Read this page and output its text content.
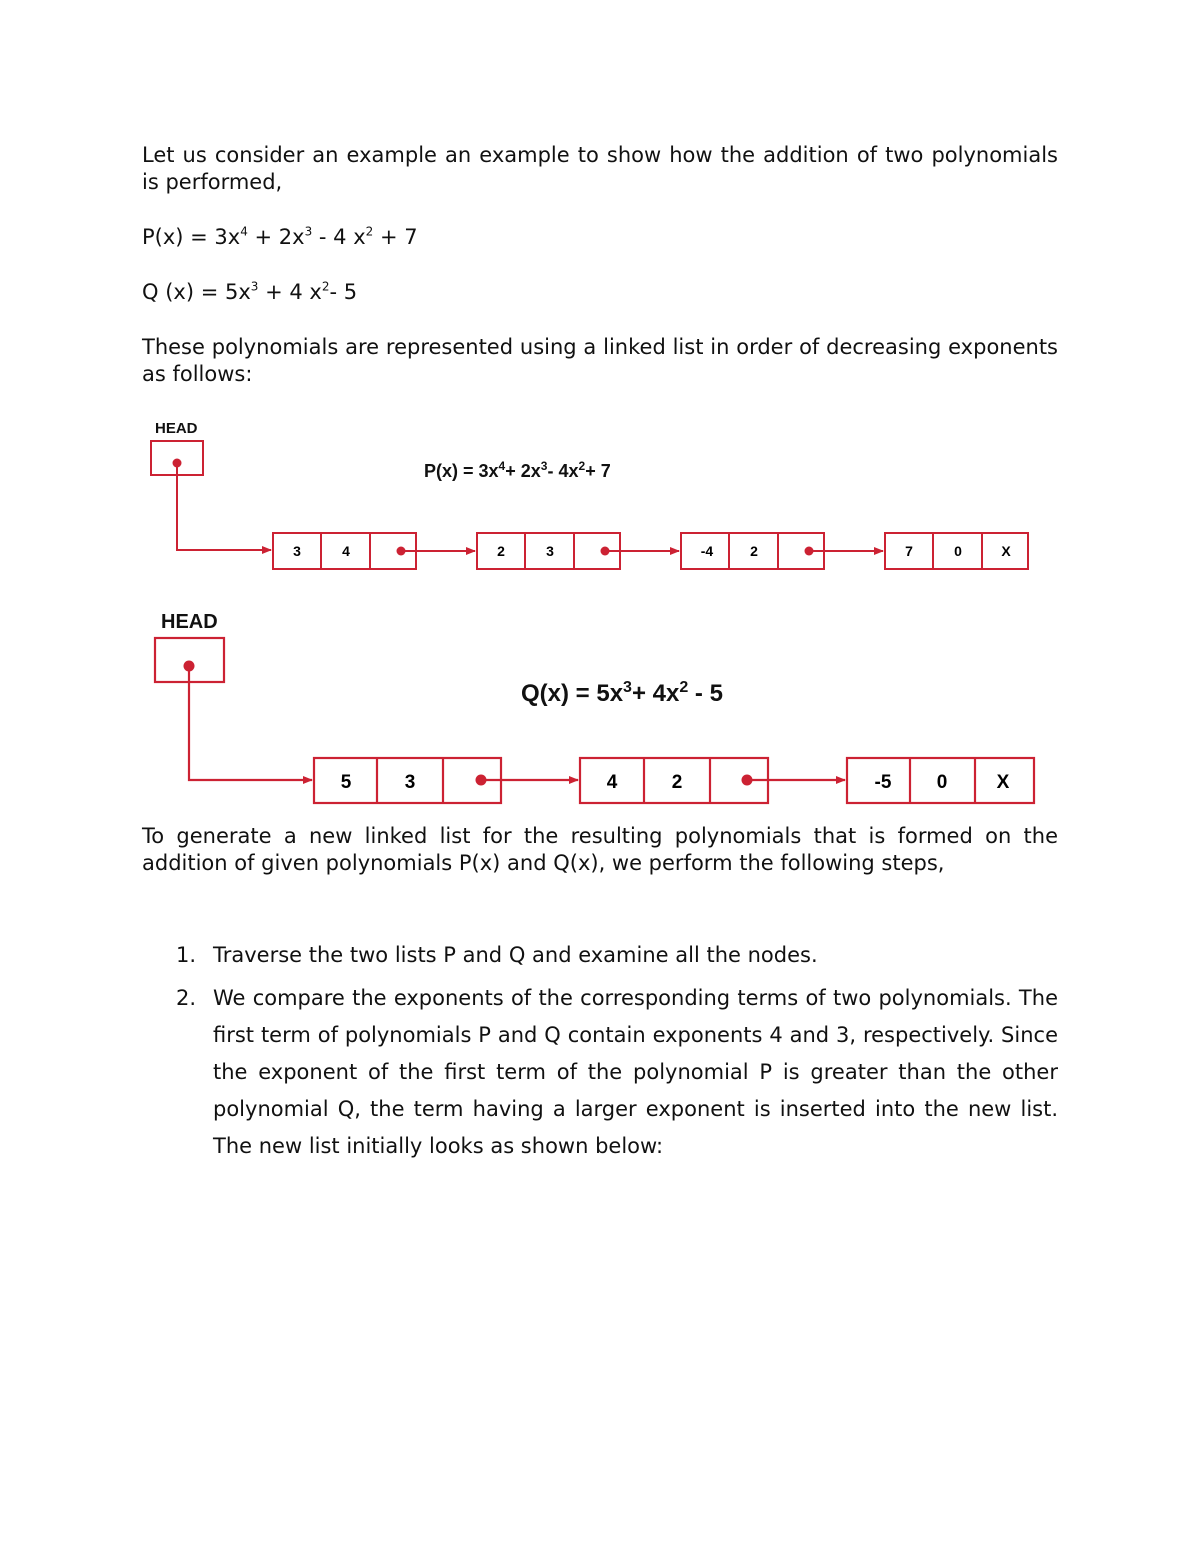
Let us consider an example an example to show how the addition of two polynomials is performed,

$P(x) = 3x^4 + 2x^3 - 4$ $x^2 + 7$

Q $(x) = 5x^3 + 4$ $x^2-$ 5

These polynomials are represented using a linked list in order of decreasing exponents as follows:

HEAD
$P(x) = 3x^4+ 2x^3-$ $4x^2+ 7$
3	4	2	3	-4	2	7	0	X
HEAD
$Q(x) = 5x^3+ 4x^2 - 5$
5	3	4	2	-5 0	X

To generate a new linked list for the resulting polynomials that is formed on the addition of given polynomials P(x) and Q(x), we perform the following steps,

1. Traverse the two lists P and Q and examine all the nodes.
2. We compare the exponents of the corresponding terms of two polynomials. The first term of polynomials P and Q contain exponents 4 and 3, respectively. Since the exponent of the first term of the polynomial P is greater than the other polynomial Q, the term having a larger exponent is inserted into the new list. The new list initially looks as shown below:
